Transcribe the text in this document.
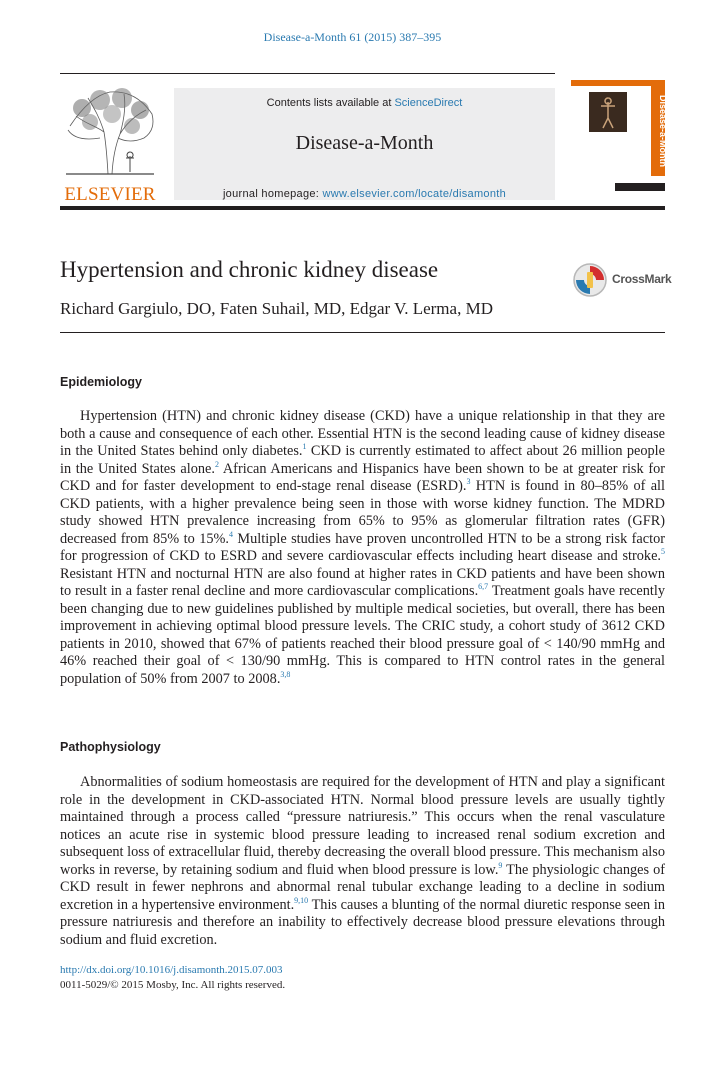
Disease-a-Month 61 (2015) 387–395
ELSEVIER
Contents lists available at ScienceDirect
Disease-a-Month
journal homepage: www.elsevier.com/locate/disamonth
Disease-a-Month
Hypertension and chronic kidney disease	CrossMark
Richard Gargiulo, DO, Faten Suhail, MD, Edgar V. Lerma, MD
Epidemiology
Hypertension (HTN) and chronic kidney disease (CKD) have a unique relationship in that they are both a cause and consequence of each other. Essential HTN is the second leading cause of kidney disease in the United States behind only diabetes.$^1$ CKD is currently estimated to affect about 26 million people in the United States alone.$^2$ African Americans and Hispanics have been shown to be at greater risk for CKD and for faster development to end-stage renal disease (ESRD).$^3$ HTN is found in 80–85% of all CKD patients, with a higher prevalence being seen in those with worse kidney function. The MDRD study showed HTN prevalence increasing from 65% to 95% as glomerular filtration rates (GFR) decreased from 85% to 15%.$^4$ Multiple studies have proven uncontrolled HTN to be a strong risk factor for progression of CKD to ESRD and severe cardiovascular effects including heart disease and stroke.$^5$ Resistant HTN and nocturnal HTN are also found at higher rates in CKD patients and have been shown to result in a faster renal decline and more cardiovascular complications.$^{6,7}$ Treatment goals have recently been changing due to new guidelines published by multiple medical societies, but overall, there has been improvement in achieving optimal blood pressure levels. The CRIC study, a cohort study of 3612 CKD patients in 2010, showed that 67% of patients reached their blood pressure goal of < 140/90 mmHg and 46% reached their goal of < 130/90 mmHg. This is compared to HTN control rates in the general population of 50% from 2007 to 2008.$^{3,8}$
Pathophysiology
Abnormalities of sodium homeostasis are required for the development of HTN and play a significant role in the development in CKD-associated HTN. Normal blood pressure levels are usually tightly maintained through a process called “pressure natriuresis.” This occurs when the renal vasculature notices an acute rise in systemic blood pressure leading to increased renal sodium excretion and subsequent loss of extracellular fluid, thereby decreasing the overall blood pressure. This mechanism also works in reverse, by retaining sodium and fluid when blood pressure is low.$^9$ The physiologic changes of CKD result in fewer nephrons and abnormal renal tubular exchange leading to a decline in sodium excretion in a hypertensive environment.$^{9,10}$ This causes a blunting of the normal diuretic response seen in pressure natriuresis and therefore an inability to effectively decrease blood pressure elevations through sodium and fluid excretion.
http://dx.doi.org/10.1016/j.disamonth.2015.07.003
0011-5029/© 2015 Mosby, Inc. All rights reserved.
